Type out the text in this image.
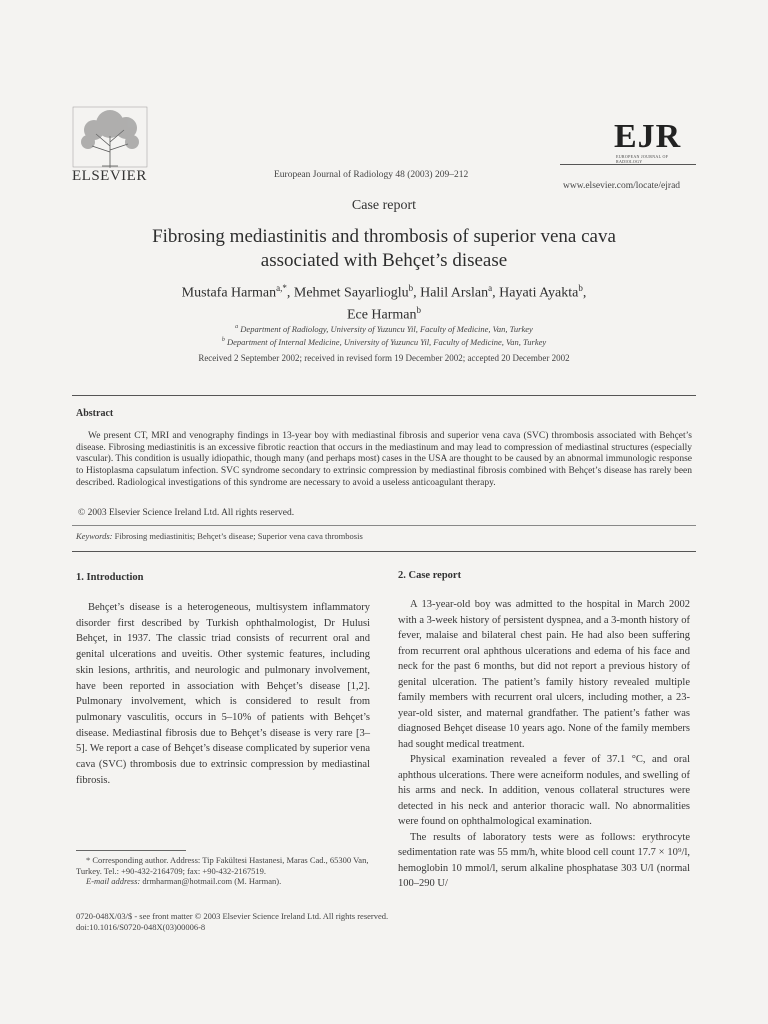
ELSEVIER	European Journal of Radiology 48 (2003) 209–212
EJR
EUROPEAN JOURNAL OF RADIOLOGY
www.elsevier.com/locate/ejrad
Case report
Fibrosing mediastinitis and thrombosis of superior vena cava
associated with Behçet’s disease
Mustafa Harman$^{a,*}$, Mehmet Sayarlioglu$^b$, Halil Arslan$^a$, Hayati Ayakta$^b$,
Ece Harman$^b$
$^a$ Department of Radiology, University of Yuzuncu Yil, Faculty of Medicine, Van, Turkey
$^b$ Department of Internal Medicine, University of Yuzuncu Yil, Faculty of Medicine, Van, Turkey
Received 2 September 2002; received in revised form 19 December 2002; accepted 20 December 2002
Abstract
We present CT, MRI and venography findings in 13-year boy with mediastinal fibrosis and superior vena cava (SVC) thrombosis associated with Behçet’s disease. Fibrosing mediastinitis is an excessive fibrotic reaction that occurs in the mediastinum and may lead to compression of mediastinal structures (especially vascular). This condition is usually idiopathic, though many (and perhaps most) cases in the USA are thought to be caused by an abnormal immunologic response to Histoplasma capsulatum infection. SVC syndrome secondary to extrinsic compression by mediastinal fibrosis combined with Behçet’s disease has rarely been described. Radiological investigations of this syndrome are necessary to avoid a useless anticoagulant therapy.
© 2003 Elsevier Science Ireland Ltd. All rights reserved.
Keywords: Fibrosing mediastinitis; Behçet’s disease; Superior vena cava thrombosis
1. Introduction
Behçet’s disease is a heterogeneous, multisystem inflammatory disorder first described by Turkish ophthalmologist, Dr Hulusi Behçet, in 1937. The classic triad consists of recurrent oral and genital ulcerations and uveitis. Other systemic features, including skin lesions, arthritis, and neurologic and pulmonary involvement, have been reported in association with Behçet’s disease [1,2]. Pulmonary involvement, which is considered to result from pulmonary vasculitis, occurs in 5–10% of patients with Behçet’s disease. Mediastinal fibrosis due to Behçet’s disease is very rare [3–5]. We report a case of Behçet’s disease complicated by superior vena cava (SVC) thrombosis due to extrinsic compression by mediastinal fibrosis.
2. Case report

A 13-year-old boy was admitted to the hospital in March 2002 with a 3-week history of persistent dyspnea, and a 3-month history of fever, malaise and bilateral chest pain. He had also been suffering from recurrent oral aphthous ulcerations and edema of his face and neck for the past 6 months, but did not report a previous history of genital ulceration. The patient’s family history revealed multiple family members with recurrent oral ulcers, including mother, a 23-year-old sister, and maternal grandfather. The patient’s father was diagnosed Behçet disease 10 years ago. None of the family members had sought medical treatment.

Physical examination revealed a fever of 37.1 °C, and oral aphthous ulcerations. There were acneiform nodules, and swelling of his arms and neck. In addition, venous collateral structures were detected in his neck and anterior thoracic wall. No abnormalities were found on ophthalmological examination.

The results of laboratory tests were as follows: erythrocyte sedimentation rate was 55 mm/h, white blood cell count 17.7 × 10⁹/l, hemoglobin 10 mmol/l, serum alkaline phosphatase 303 U/l (normal 100–290 U/

* Corresponding author. Address: Tip Fakültesi Hastanesi, Maras Cad., 65300 Van, Turkey. Tel.: +90-432-2164709; fax: +90-432-2167519.
E-mail address: drmharman@hotmail.com (M. Harman).
0720-048X/03/$ - see front matter © 2003 Elsevier Science Ireland Ltd. All rights reserved.
doi:10.1016/S0720-048X(03)00006-8
